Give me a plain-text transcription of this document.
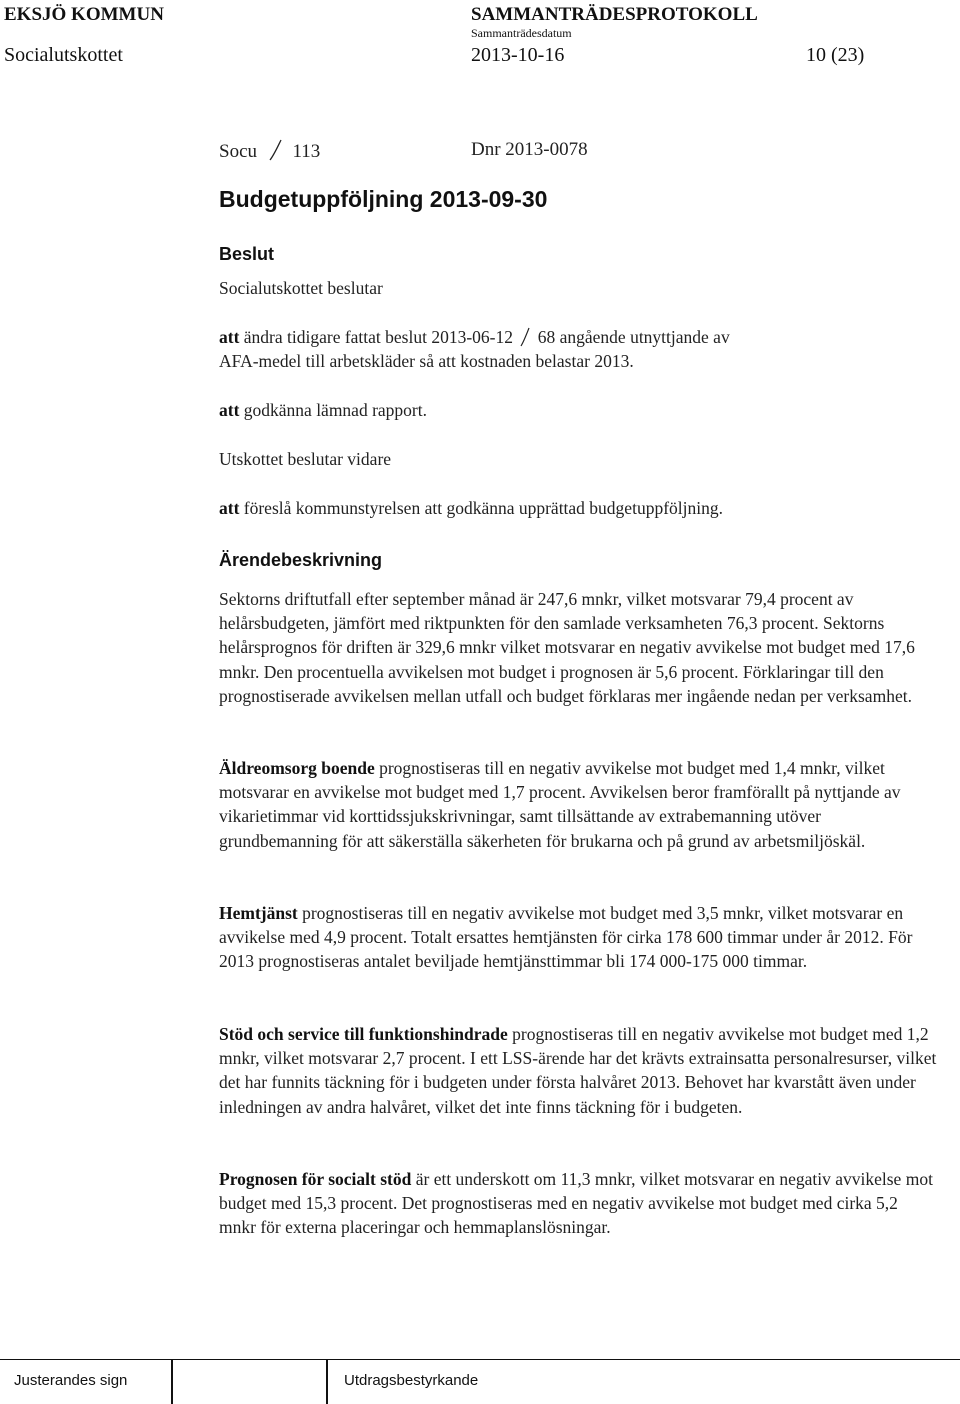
EKSJÖ KOMMUN	SAMMANTRÄDESPROTOKOLL
Sammanträdesdatum
Socialutskottet	2013-10-16	10 (23)
Socu 113	Dnr 2013-0078
Budgetuppföljning 2013-09-30
Beslut
Socialutskottet beslutar
att ändra tidigare fattat beslut 2013-06-12 68 angående utnyttjande av
AFA-medel till arbetskläder så att kostnaden belastar 2013.
att godkänna lämnad rapport.
Utskottet beslutar vidare
att föreslå kommunstyrelsen att godkänna upprättad budgetuppföljning.
Ärendebeskrivning
Sektorns driftutfall efter september månad är 247,6 mnkr, vilket motsvarar 79,4 procent av helårsbudgeten, jämfört med riktpunkten för den samlade verksamheten 76,3 procent. Sektorns helårsprognos för driften är 329,6 mnkr vilket motsvarar en negativ avvikelse mot budget med 17,6 mnkr. Den procentuella avvikelsen mot budget i prognosen är 5,6 procent. Förklaringar till den prognostiserade avvikelsen mellan utfall och budget förklaras mer ingående nedan per verksamhet.
Äldreomsorg boende prognostiseras till en negativ avvikelse mot budget med 1,4 mnkr, vilket motsvarar en avvikelse mot budget med 1,7 procent. Avvikelsen beror framförallt på nyttjande av vikarietimmar vid korttidssjukskrivningar, samt tillsättande av extrabemanning utöver grundbemanning för att säkerställa säkerheten för brukarna och på grund av arbetsmiljöskäl.
Hemtjänst prognostiseras till en negativ avvikelse mot budget med 3,5 mnkr, vilket motsvarar en avvikelse med 4,9 procent. Totalt ersattes hemtjänsten för cirka 178 600 timmar under år 2012. För 2013 prognostiseras antalet beviljade hemtjänsttimmar bli 174 000-175 000 timmar.
Stöd och service till funktionshindrade prognostiseras till en negativ avvikelse mot budget med 1,2 mnkr, vilket motsvarar 2,7 procent. I ett LSS-ärende har det krävts extrainsatta personalresurser, vilket det har funnits täckning för i budgeten under första halvåret 2013. Behovet har kvarstått även under inledningen av andra halvåret, vilket det inte finns täckning för i budgeten.
Prognosen för socialt stöd är ett underskott om 11,3 mnkr, vilket motsvarar en negativ avvikelse mot budget med 15,3 procent. Det prognostiseras med en negativ avvikelse mot budget med cirka 5,2 mnkr för externa placeringar och hemmaplanslösningar.
Justerandes sign	Utdragsbestyrkande
